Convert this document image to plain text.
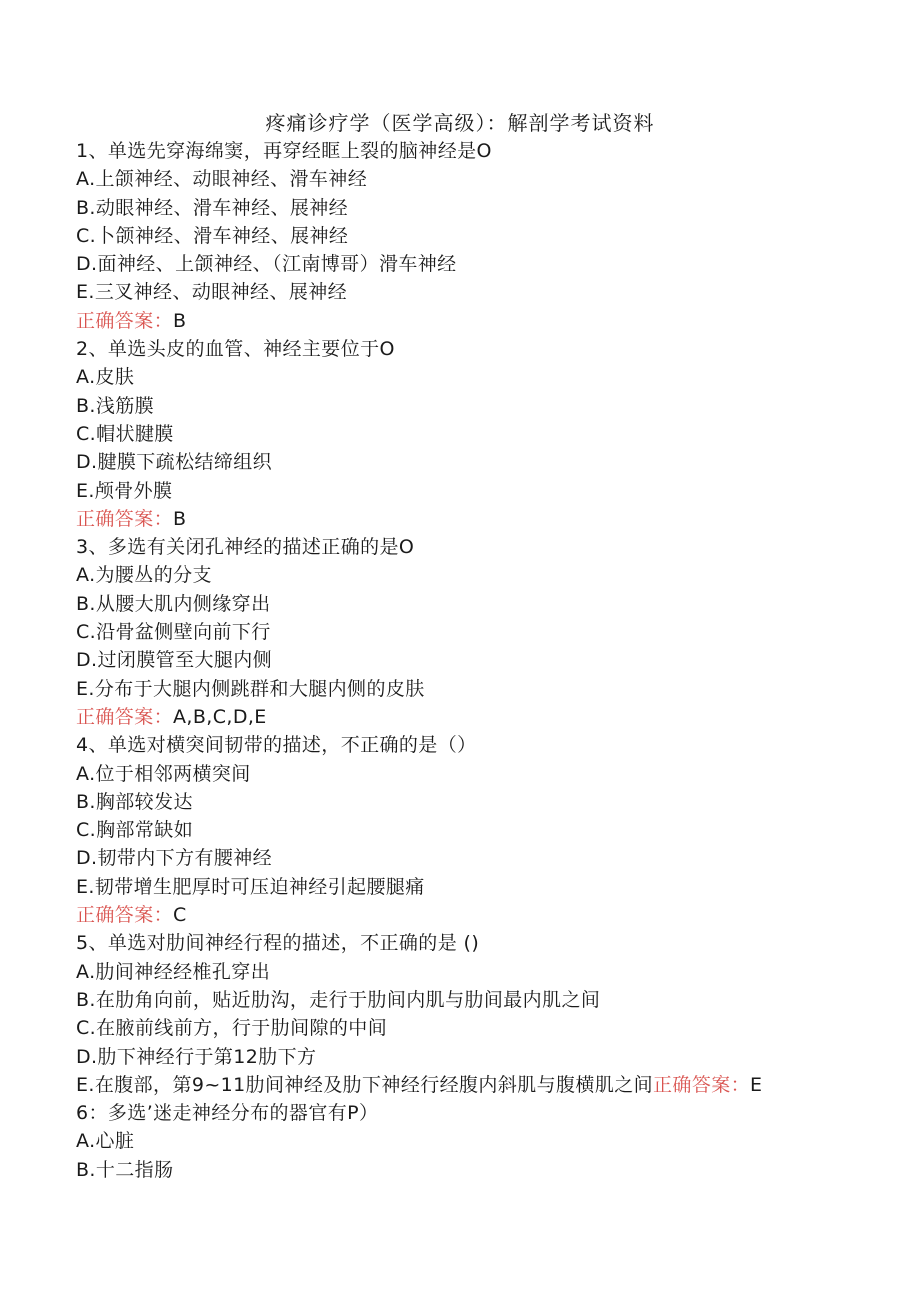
疼痛诊疗学（医学高级）：解剖学考试资料
1、单选先穿海绵窦，再穿经眶上裂的脑神经是O
A.上颌神经、动眼神经、滑车神经
B.动眼神经、滑车神经、展神经
C.卜颌神经、滑车神经、展神经
D.面神经、上颌神经、（江南博哥）滑车神经
E.三叉神经、动眼神经、展神经
正确答案：B
2、单选头皮的血管、神经主要位于O
A.皮肤
B.浅筋膜
C.帽状腱膜
D.腱膜下疏松结缔组织
E.颅骨外膜
正确答案：B
3、多选有关闭孔神经的描述正确的是O
A.为腰丛的分支
B.从腰大肌内侧缘穿出
C.沿骨盆侧壁向前下行
D.过闭膜管至大腿内侧
E.分布于大腿内侧跳群和大腿内侧的皮肤
正确答案：A,B,C,D,E
4、单选对横突间韧带的描述，不正确的是（）
A.位于相邻两横突间
B.胸部较发达
C.胸部常缺如
D.韧带内下方有腰神经
E.韧带增生肥厚时可压迫神经引起腰腿痛
正确答案：C
5、单选对肋间神经行程的描述，不正确的是 ()
A.肋间神经经椎孔穿出
B.在肋角向前，贴近肋沟，走行于肋间内肌与肋间最内肌之间
C.在腋前线前方，行于肋间隙的中间
D.肋下神经行于第12肋下方
E.在腹部，第9~11肋间神经及肋下神经行经腹内斜肌与腹横肌之间正确答案：E
6：多选’迷走神经分布的器官有P）
A.心脏
B.十二指肠
